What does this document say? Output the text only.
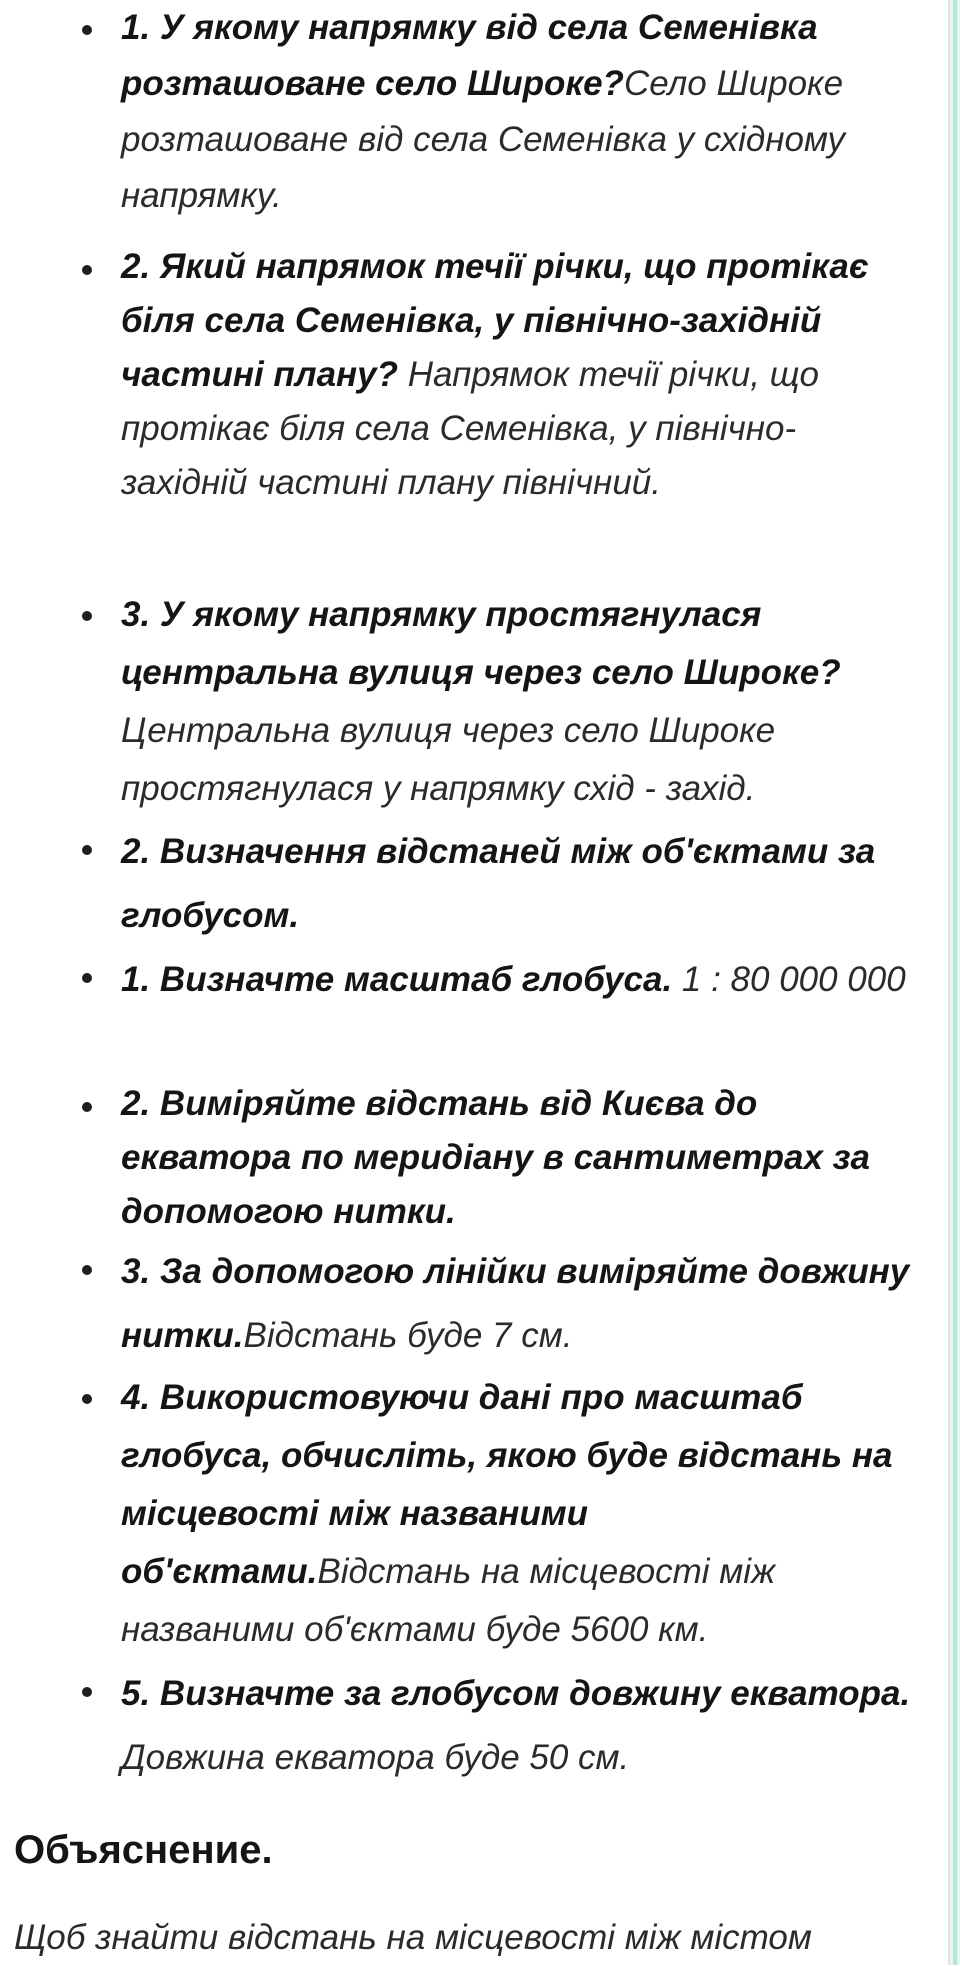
1. У якому напрямку від села Семенівка розташоване село Широке?Село Широке розташоване від села Семенівка у східному напрямку.
2. Який напрямок течії річки, що протікає біля села Семенівка, у північно-західній частині плану? Напрямок течії річки, що протікає біля села Семенівка, у північно-західній частині плану північний.
3. У якому напрямку простягнулася центральна вулиця через село Широке? Центральна вулиця через село Широке простягнулася у напрямку схід - захід.
2. Визначення відстаней між об'єктами за глобусом.
1. Визначте масштаб глобуса. 1 : 80 000 000
2. Виміряйте відстань від Києва до екватора по меридіану в сантиметрах за допомогою нитки.
3. За допомогою лінійки виміряйте довжину нитки.Відстань буде 7 см.
4. Використовуючи дані про масштаб глобуса, обчисліть, якою буде відстань на місцевості між названими об'єктами.Відстань на місцевості між названими об'єктами буде 5600 км.
5. Визначте за глобусом довжину екватора. Довжина екватора буде 50 см.
Объяснение.

Щоб знайти відстань на місцевості між містом
